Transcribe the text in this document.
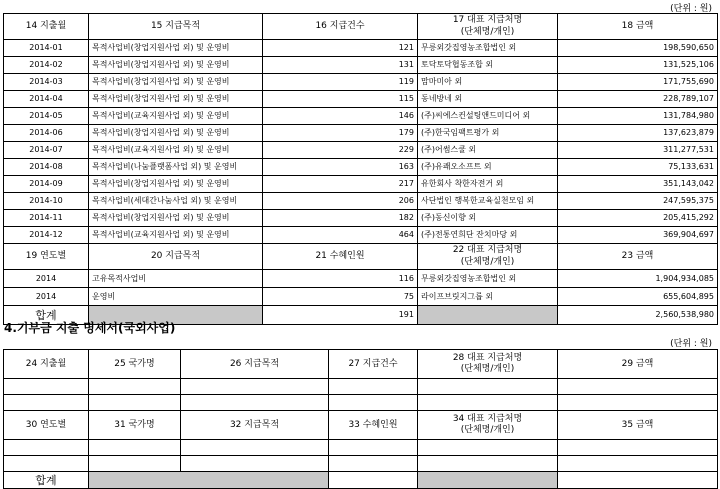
(단위 : 원)
14 지출월	15 지급목적	16 지급건수	17 대표 지급처명
(단체명/개인)	18 금액
2014-01	목적사업비(창업지원사업 외) 및 운영비	121	무릉외갓집영농조합법인 외	198,590,650
2014-02	목적사업비(창업지원사업 외) 및 운영비	131	토닥토닥협동조합 외	131,525,106
2014-03	목적사업비(창업지원사업 외) 및 운영비	119	맘마미아 외	171,755,690
2014-04	목적사업비(창업지원사업 외) 및 운영비	115	동네방네 외	228,789,107
2014-05	목적사업비(교육지원사업 외) 및 운영비	146	(주)씨에스컨설팅앤드미디어 외	131,784,980
2014-06	목적사업비(창업지원사업 외) 및 운영비	179	(주)한국임팩트평가 외	137,623,879
2014-07	목적사업비(교육지원사업 외) 및 운영비	229	(주)어썸스쿨 외	311,277,531
2014-08	목적사업비(나눔플랫폼사업 외) 및 운영비	163	(주)유쾌오소프트 외	75,133,631
2014-09	목적사업비(창업지원사업 외) 및 운영비	217	유한회사 착한자전거 외	351,143,042
2014-10	목적사업비(세대간나눔사업 외) 및 운영비	206	사단법인 행복한교육실천모임 외	247,595,375
2014-11	목적사업비(창업지원사업 외) 및 운영비	182	(주)동신이향 외	205,415,292
2014-12	목적사업비(교육지원사업 외) 및 운영비	464	(주)전통연희단 잔치마당 외	369,904,697
19 연도별	20 지급목적	21 수혜인원	22 대표 지급처명
(단체명/개인)	23 금액
2014	고유목적사업비	116	무릉외갓집영농조합법인 외	1,904,934,085
2014	운영비	75	라이프브릿지그룹 외	655,604,895
합계		191		2,560,538,980
4.기부금 지출 명세서(국외사업)
(단위 : 원)
24 지출월	25 국가명	26 지급목적	27 지급건수	28 대표 지급처명
(단체명/개인)	29 금액

30 연도별	31 국가명	32 지급목적	33 수혜인원	34 대표 지급처명
(단체명/개인)	35 금액

합계					
